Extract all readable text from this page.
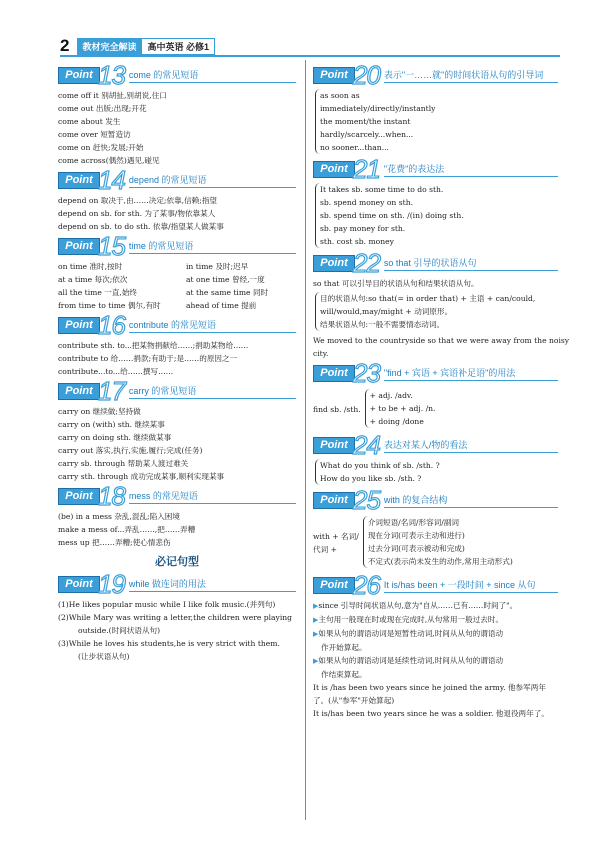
2	教材完全解读	高中英语 必修1
Point 13 come 的常见短语
come off it 别胡扯,别胡说,住口
come out 出版;出现;开花
come about 发生
come over 短暂造访
come on 赶快;发展;开始
come across(偶然)遇见,碰见
Point 14 depend 的常见短语
depend on 取决于,由……决定;依靠,信赖;指望
depend on sb. for sth. 为了某事/物依靠某人
depend on sb. to do sth. 依靠/指望某人做某事
Point 15 time 的常见短语
on time 准时,按时	in time 及时;迟早
at a time 每次;依次	at one time 曾经,一度
all the time 一直,始终	at the same time 同时
from time to time 偶尔,有时	ahead of time 提前
Point 16 contribute 的常见短语
contribute sth. to...把某物捐献给……;捐助某物给……
contribute to 给……捐款;有助于;是……的原因之一
contribute...to...给……撰写……
Point 17 carry 的常见短语
carry on 继续做;坚持做
carry on (with) sth. 继续某事
carry on doing sth. 继续做某事
carry out 落实,执行,实施,履行;完成(任务)
carry sb. through 帮助某人渡过难关
carry sth. through 成功完成某事,顺利实现某事
Point 18 mess 的常见短语
(be) in a mess 杂乱,混乱;陷入困境
make a mess of...弄乱……,把……弄糟
mess up 把……弄糟;使心情悲伤
必记句型
Point 19 while 做连词的用法
(1)He likes popular music while I like folk music.(并列句)
(2)While Mary was writing a letter,the children were playing
outside.(时间状语从句)
(3)While he loves his students,he is very strict with them.
(让步状语从句)
Point 20 表示"一……就"的时间状语从句的引导词
as soon as
immediately/directly/instantly
the moment/the instant
hardly/scarcely...when...
no sooner...than...
Point 21 "花费"的表达法
It takes sb. some time to do sth.
sb. spend money on sth.
sb. spend time on sth. /(in) doing sth.
sb. pay money for sth.
sth. cost sb. money
Point 22 so that 引导的状语从句
so that 可以引导目的状语从句和结果状语从句。
目的状语从句:so that(= in order that) + 主语 + can/could,
will/would,may/might + 动词原形。
结果状语从句:一般不需要情态动词。
We moved to the countryside so that we were away from the noisy
city.
Point 23 "find + 宾语 + 宾语补足语"的用法
find sb. /sth.
+ adj. /adv.
+ to be + adj. /n.
+ doing /done
Point 24 表达对某人/物的看法
What do you think of sb. /sth. ?
How do you like sb. /sth. ?
Point 25 with 的复合结构
with + 名词/
代词 +
介词短语/名词/形容词/副词
现在分词(可表示主动和进行)
过去分词(可表示被动和完成)
不定式(表示尚未发生的动作,常用主动形式)
Point 26 It is/has been + 一段时间 + since 从句
▶since 引导时间状语从句,意为"自从……已有……时间了"。
▶主句用一般现在时或现在完成时,从句常用一般过去时。
▶如果从句的谓语动词是短暂性动词,时间从从句的谓语动
作开始算起。
▶如果从句的谓语动词是延续性动词,时间从从句的谓语动
作结束算起。
It is /has been two years since he joined the army. 他参军两年
了。(从"参军"开始算起)
It is/has been two years since he was a soldier. 他退役两年了。
